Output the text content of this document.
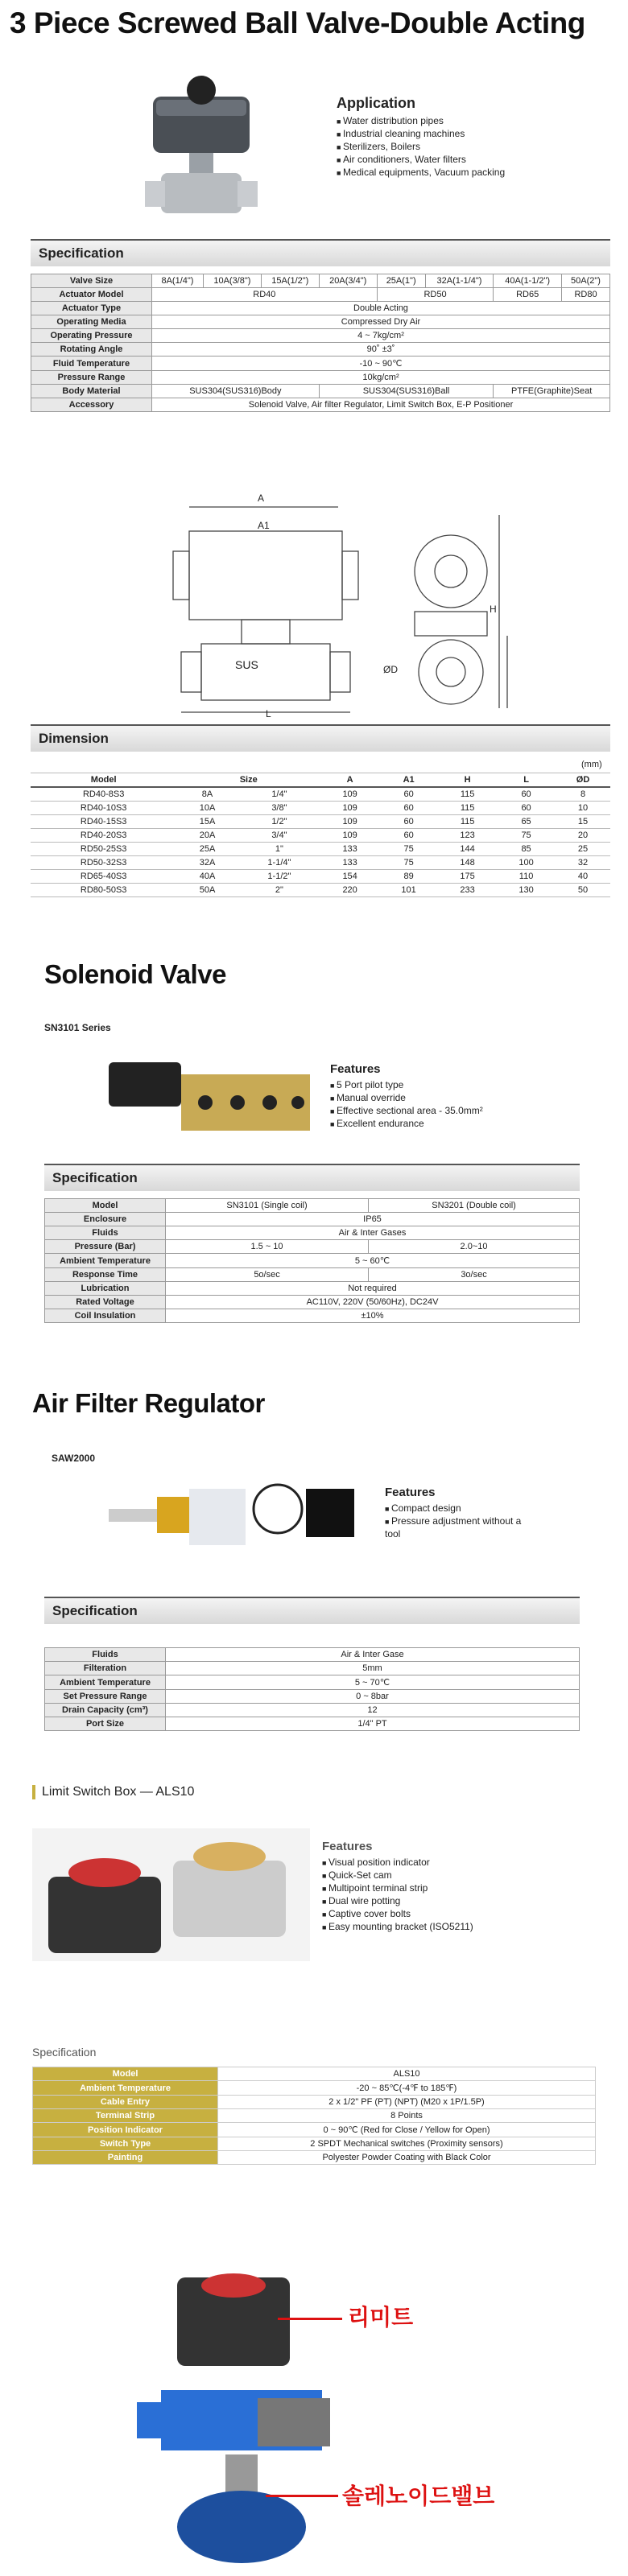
3 Piece Screwed Ball Valve-Double Acting
Application
■ Water distribution pipes
■ Industrial cleaning machines
■ Sterilizers, Boilers
■ Air conditioners, Water filters
■ Medical equipments, Vacuum packing
Specification
Valve Size	8A(1/4")	10A(3/8")	15A(1/2")	20A(3/4")	25A(1")	32A(1-1/4")	40A(1-1/2")	50A(2")
Actuator Model	RD40				RD50		RD65	RD80
Actuator Type	Double Acting							
Operating Media	Compressed Dry Air							
Operating Pressure	4 ~ 7kg/cm²							
Rotating Angle	90˚ ±3˚							
Fluid Temperature	-10 ~ 90℃							
Pressure Range	10kg/cm²							
Body Material	SUS304(SUS316)Body			SUS304(SUS316)Ball			PTFE(Graphite)Seat	
Accessory	Solenoid Valve, Air filter Regulator, Limit Switch Box, E-P Positioner							
A
A1
H
L
SUS	ØD
Dimension
(mm)
Model	Size		A	A1	H	L	ØD
RD40-8S3	8A	1/4"	109	60	115	60	8
RD40-10S3	10A	3/8"	109	60	115	60	10
RD40-15S3	15A	1/2"	109	60	115	65	15
RD40-20S3	20A	3/4"	109	60	123	75	20
RD50-25S3	25A	1"	133	75	144	85	25
RD50-32S3	32A	1-1/4"	133	75	148	100	32
RD65-40S3	40A	1-1/2"	154	89	175	110	40
RD80-50S3	50A	2"	220	101	233	130	50
Solenoid Valve
SN3101 Series
Features
■ 5 Port pilot type
■ Manual override
■ Effective sectional area - 35.0mm²
■ Excellent endurance
Specification
Model	SN3101 (Single coil)	SN3201 (Double coil)
Enclosure	IP65	
Fluids	Air & Inter Gases	
Pressure (Bar)	1.5 ~ 10	2.0~10
Ambient Temperature	5 ~ 60℃	
Response Time	5o/sec	3o/sec
Lubrication	Not required	
Rated Voltage	AC110V, 220V (50/60Hz), DC24V	
Coil Insulation	±10%	
Air Filter Regulator
SAW2000
Features
■ Compact design
■ Pressure adjustment without a tool
Specification
Fluids	Air & Inter Gase
Filteration	5mm
Ambient Temperature	5 ~ 70℃
Set Pressure Range	0 ~ 8bar
Drain Capacity (cm³)	12
Port Size	1/4" PT
Limit Switch Box — ALS10
Features
■ Visual position indicator
■ Quick-Set cam
■ Multipoint terminal strip
■ Dual wire potting
■ Captive cover bolts
■ Easy mounting bracket (ISO5211)
Specification
Model	ALS10
Ambient Temperature	-20 ~ 85℃(-4℉ to 185℉)
Cable Entry	2 x 1/2" PF (PT) (NPT) (M20 x 1P/1.5P)
Terminal Strip	8 Points
Position Indicator	0 ~ 90℃ (Red for Close / Yellow for Open)
Switch Type	2 SPDT Mechanical switches (Proximity sensors)
Painting	Polyester Powder Coating with Black Color
리미트
솔레노이드밸브
